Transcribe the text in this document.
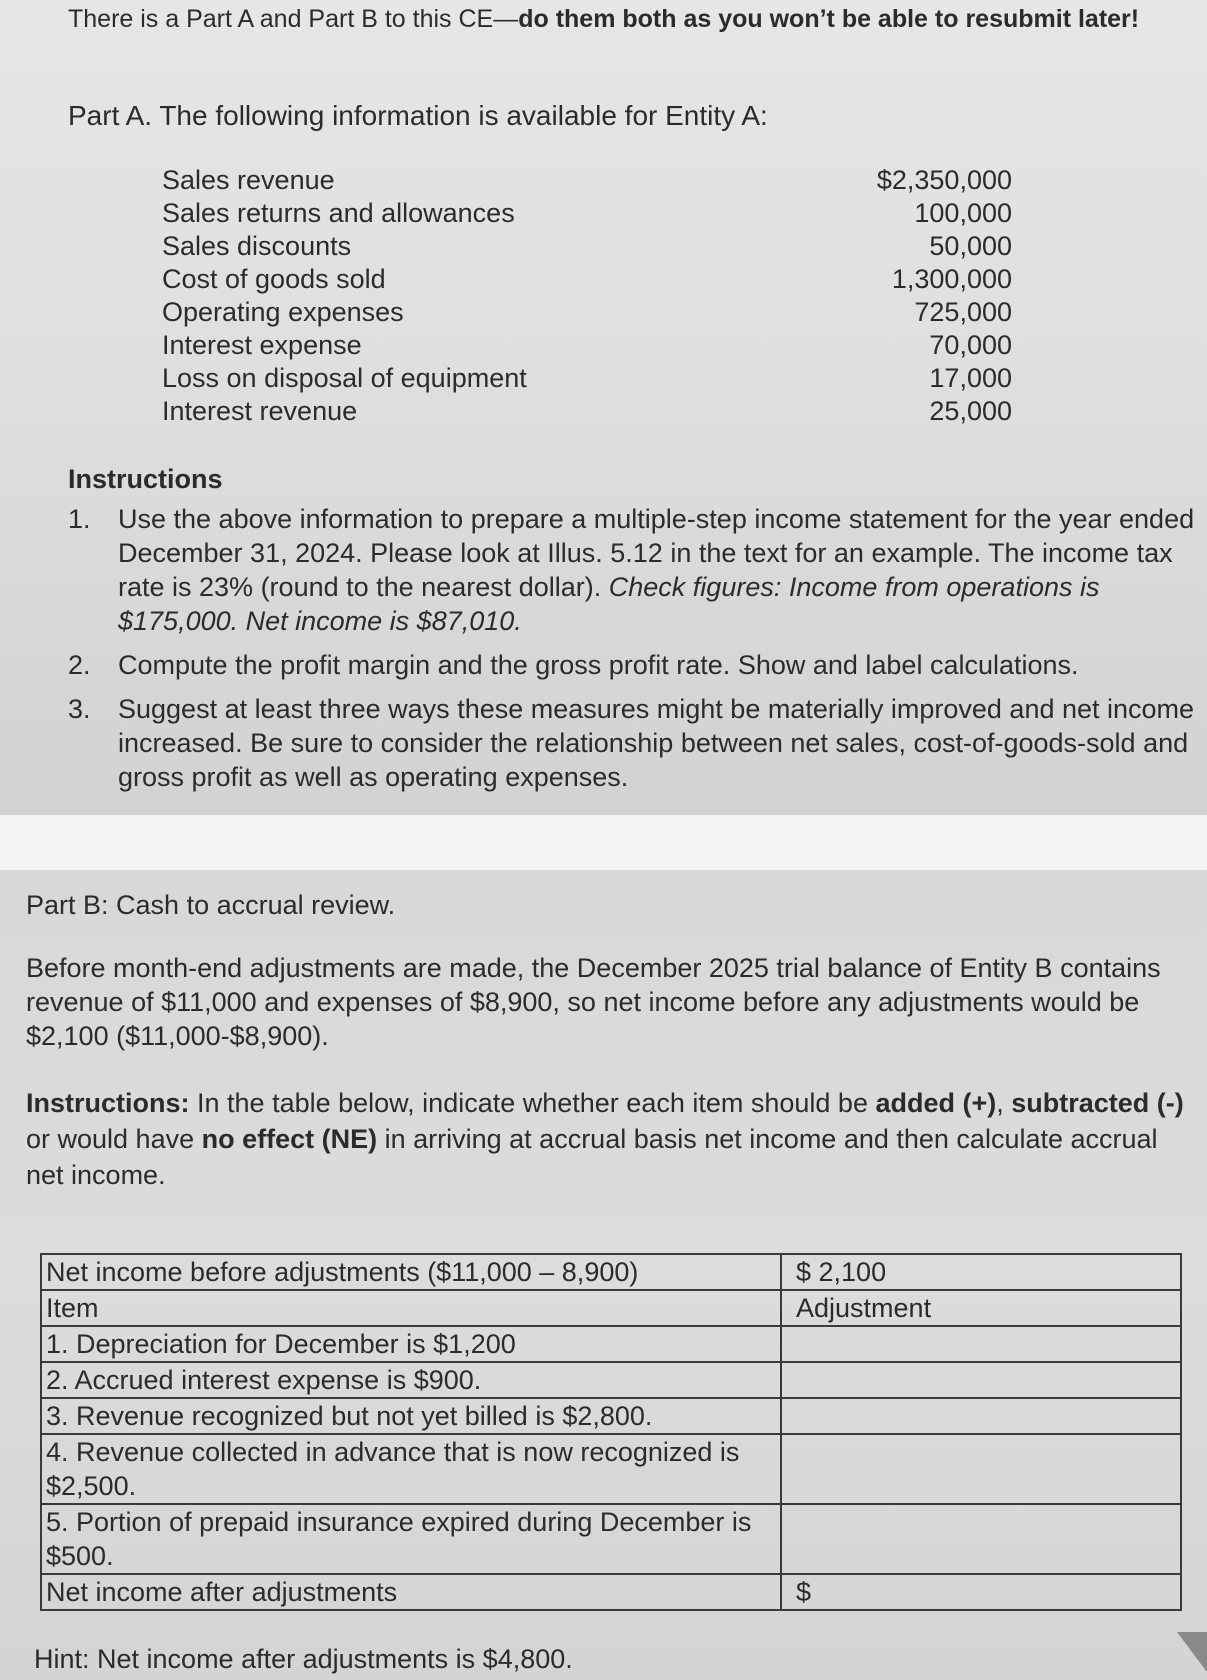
There is a Part A and Part B to this CE—do them both as you won’t be able to resubmit later!
Part A. The following information is available for Entity A:
Sales revenue	$2,350,000
Sales returns and allowances	100,000
Sales discounts	50,000
Cost of goods sold	1,300,000
Operating expenses	725,000
Interest expense	70,000
Loss on disposal of equipment	17,000
Interest revenue	25,000
Instructions
1. Use the above information to prepare a multiple-step income statement for the year ended December 31, 2024. Please look at Illus. 5.12 in the text for an example. The income tax rate is 23% (round to the nearest dollar). Check figures: Income from operations is $175,000. Net income is $87,010.
2. Compute the profit margin and the gross profit rate. Show and label calculations.
3. Suggest at least three ways these measures might be materially improved and net income increased. Be sure to consider the relationship between net sales, cost-of-goods-sold and gross profit as well as operating expenses.
Part B: Cash to accrual review.
Before month-end adjustments are made, the December 2025 trial balance of Entity B contains revenue of $11,000 and expenses of $8,900, so net income before any adjustments would be $2,100 ($11,000-$8,900).
Instructions: In the table below, indicate whether each item should be added (+), subtracted (-) or would have no effect (NE) in arriving at accrual basis net income and then calculate accrual net income.
Net income before adjustments ($11,000 – 8,900)	$ 2,100
Item	Adjustment
1. Depreciation for December is $1,200	
2. Accrued interest expense is $900.	
3. Revenue recognized but not yet billed is $2,800.	
4. Revenue collected in advance that is now recognized is $2,500.	
5. Portion of prepaid insurance expired during December is $500.	
Net income after adjustments	$
Hint: Net income after adjustments is $4,800.
